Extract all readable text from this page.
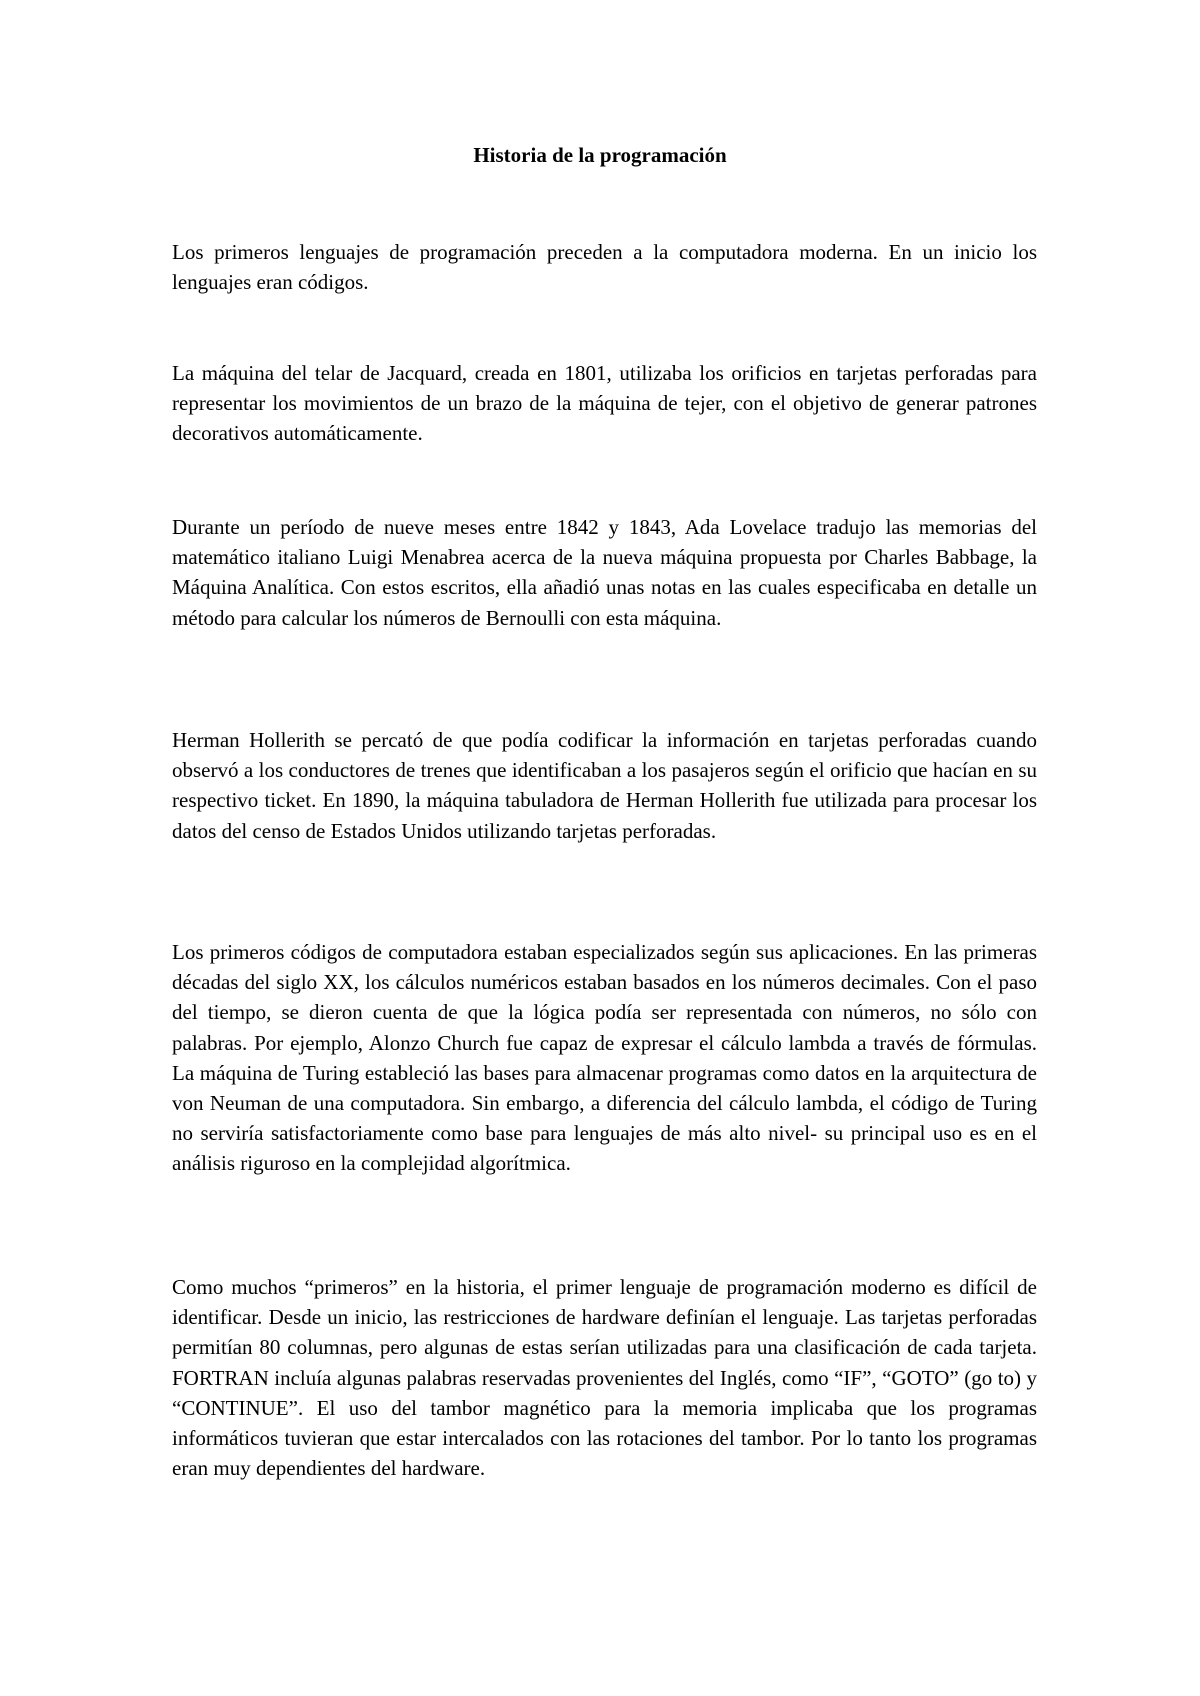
Historia de la programación

Los primeros lenguajes de programación preceden a la computadora moderna. En un inicio los lenguajes eran códigos.

La máquina del telar de Jacquard, creada en 1801, utilizaba los orificios en tarjetas perforadas para representar los movimientos de un brazo de la máquina de tejer, con el objetivo de generar patrones decorativos automáticamente.

Durante un período de nueve meses entre 1842 y 1843, Ada Lovelace tradujo las memorias del matemático italiano Luigi Menabrea acerca de la nueva máquina propuesta por Charles Babbage, la Máquina Analítica. Con estos escritos, ella añadió unas notas en las cuales especificaba en detalle un método para calcular los números de Bernoulli con esta máquina.

Herman Hollerith se percató de que podía codificar la información en tarjetas perforadas cuando observó a los conductores de trenes que identificaban a los pasajeros según el orificio que hacían en su respectivo ticket. En 1890, la máquina tabuladora de Herman Hollerith fue utilizada para procesar los datos del censo de Estados Unidos utilizando tarjetas perforadas.

Los primeros códigos de computadora estaban especializados según sus aplicaciones. En las primeras décadas del siglo XX, los cálculos numéricos estaban basados en los números decimales. Con el paso del tiempo, se dieron cuenta de que la lógica podía ser representada con números, no sólo con palabras. Por ejemplo, Alonzo Church fue capaz de expresar el cálculo lambda a través de fórmulas. La máquina de Turing estableció las bases para almacenar programas como datos en la arquitectura de von Neuman de una computadora. Sin embargo, a diferencia del cálculo lambda, el código de Turing no serviría satisfactoriamente como base para lenguajes de más alto nivel- su principal uso es en el análisis riguroso en la complejidad algorítmica.

Como muchos “primeros” en la historia, el primer lenguaje de programación moderno es difícil de identificar. Desde un inicio, las restricciones de hardware definían el lenguaje. Las tarjetas perforadas permitían 80 columnas, pero algunas de estas serían utilizadas para una clasificación de cada tarjeta. FORTRAN incluía algunas palabras reservadas provenientes del Inglés, como “IF”, “GOTO” (go to) y “CONTINUE”. El uso del tambor magnético para la memoria implicaba que los programas informáticos tuvieran que estar intercalados con las rotaciones del tambor. Por lo tanto los programas eran muy dependientes del hardware.
